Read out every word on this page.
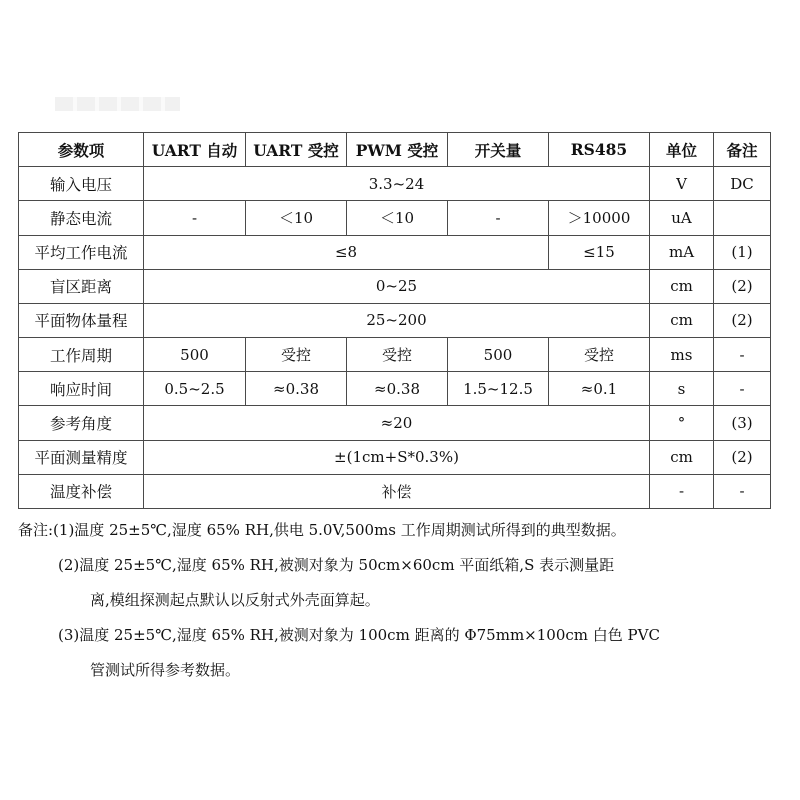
参数项	UART 自动	UART 受控	PWM 受控	开关量	RS485	单位	备注
输入电压	3.3~24					V	DC
静态电流	-	＜10	＜10	-	＞10000	uA	
平均工作电流	≤8				≤15	mA	(1)
盲区距离	0~25					cm	(2)
平面物体量程	25~200					cm	(2)
工作周期	500	受控	受控	500	受控	ms	-
响应时间	0.5~2.5	≈0.38	≈0.38	1.5~12.5	≈0.1	s	-
参考角度	≈20					°	(3)
平面测量精度	±(1cm+S*0.3%)					cm	(2)
温度补偿	补偿					-	-
备注:(1)温度 25±5℃,湿度 65% RH,供电 5.0V,500ms 工作周期测试所得到的典型数据。
(2)温度 25±5℃,湿度 65% RH,被测对象为 50cm×60cm 平面纸箱,S 表示测量距
离,模组探测起点默认以反射式外壳面算起。
(3)温度 25±5℃,湿度 65% RH,被测对象为 100cm 距离的 Φ75mm×100cm 白色 PVC
管测试所得参考数据。
